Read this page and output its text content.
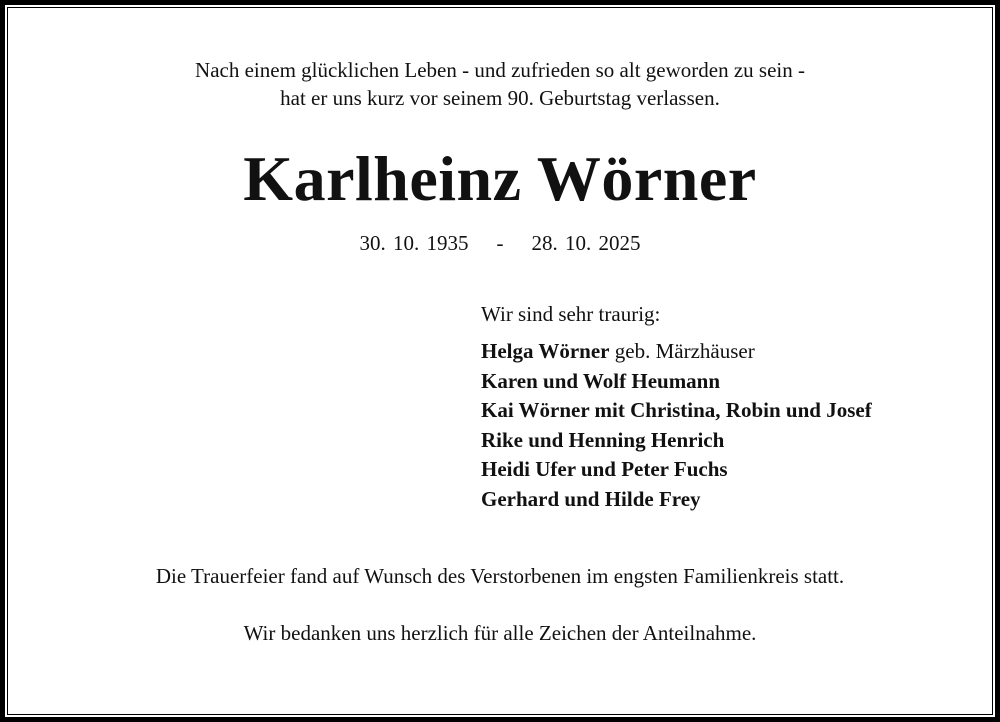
Nach einem glücklichen Leben - und zufrieden so alt geworden zu sein -
hat er uns kurz vor seinem 90. Geburtstag verlassen.
Karlheinz Wörner
30. 10. 1935 - 28. 10. 2025
Wir sind sehr traurig:
Helga Wörner geb. Märzhäuser
Karen und Wolf Heumann
Kai Wörner mit Christina, Robin und Josef
Rike und Henning Henrich
Heidi Ufer und Peter Fuchs
Gerhard und Hilde Frey
Die Trauerfeier fand auf Wunsch des Verstorbenen im engsten Familienkreis statt.
Wir bedanken uns herzlich für alle Zeichen der Anteilnahme.
